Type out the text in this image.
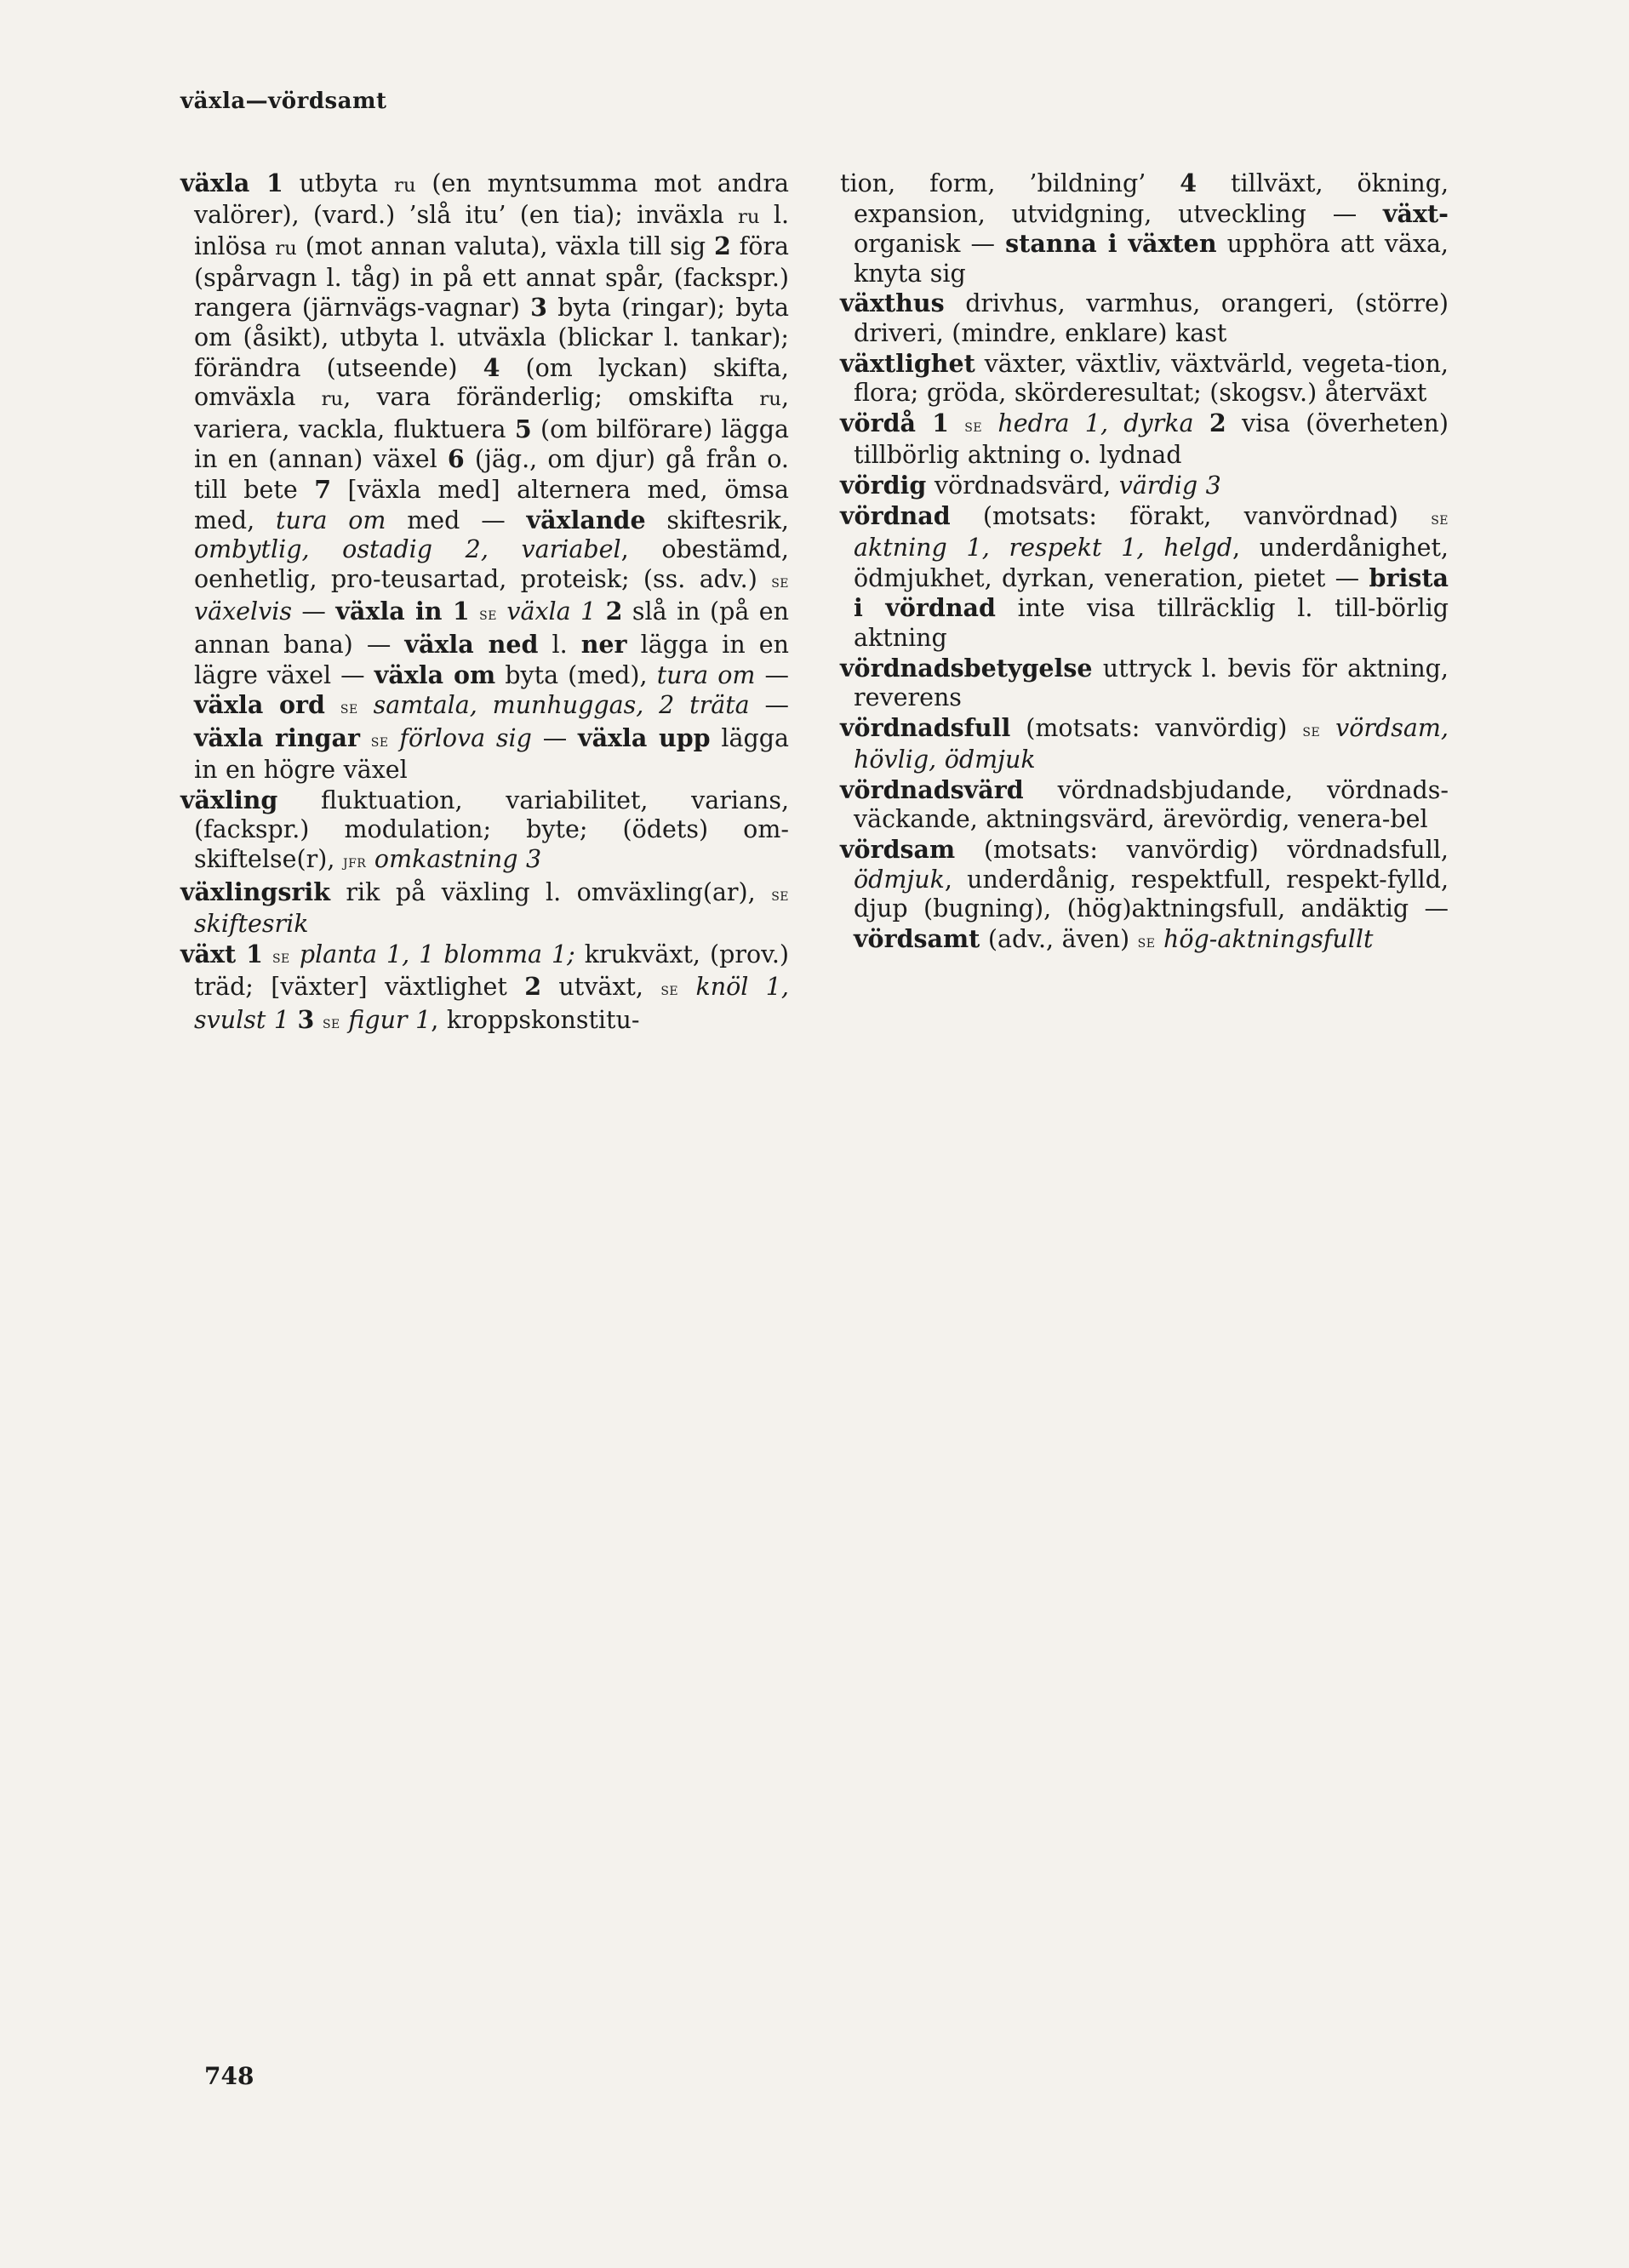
växla—vördsamt

växla 1 utbyta ru (en myntsumma mot andra valörer), (vard.) ’slå itu’ (en tia); inväxla ru l. inlösa ru (mot annan valuta), växla till sig 2 föra (spårvagn l. tåg) in på ett annat spår, (fackspr.) rangera (järnvägs-vagnar) 3 byta (ringar); byta om (åsikt), utbyta l. utväxla (blickar l. tankar); förändra (utseende) 4 (om lyckan) skifta, omväxla ru, vara föränderlig; omskifta ru, variera, vackla, fluktuera 5 (om bilförare) lägga in en (annan) växel 6 (jäg., om djur) gå från o. till bete 7 [växla med] alternera med, ömsa med, tura om med — växlande skiftesrik, ombytlig, ostadig 2, variabel, obestämd, oenhetlig, pro-teusartad, proteisk; (ss. adv.) se växelvis — växla in 1 se växla 1 2 slå in (på en annan bana) — växla ned l. ner lägga in en lägre växel — växla om byta (med), tura om — växla ord se samtala, munhuggas, 2 träta — växla ringar se förlova sig — växla upp lägga in en högre växel

växling fluktuation, variabilitet, varians, (fackspr.) modulation; byte; (ödets) om-skiftelse(r), jfr omkastning 3

växlingsrik rik på växling l. omväxling(ar), se skiftesrik

växt 1 se planta 1, 1 blomma 1; krukväxt, (prov.) träd; [växter] växtlighet 2 utväxt, se knöl 1, svulst 1 3 se figur 1, kroppskonstitu-

tion, form, ’bildning’ 4 tillväxt, ökning, expansion, utvidgning, utveckling — växt-organisk — stanna i växten upphöra att växa, knyta sig

växthus drivhus, varmhus, orangeri, (större) driveri, (mindre, enklare) kast

växtlighet växter, växtliv, växtvärld, vegeta-tion, flora; gröda, skörderesultat; (skogsv.) återväxt

vördå 1 se hedra 1, dyrka 2 visa (överheten) tillbörlig aktning o. lydnad

vördig vördnadsvärd, värdig 3

vördnad (motsats: förakt, vanvördnad) se aktning 1, respekt 1, helgd, underdånighet, ödmjukhet, dyrkan, veneration, pietet — brista i vördnad inte visa tillräcklig l. till-börlig aktning

vördnadsbetygelse uttryck l. bevis för aktning, reverens

vördnadsfull (motsats: vanvördig) se vördsam, hövlig, ödmjuk

vördnadsvärd vördnadsbjudande, vördnads-väckande, aktningsvärd, ärevördig, venera-bel

vördsam (motsats: vanvördig) vördnadsfull, ödmjuk, underdånig, respektfull, respekt-fylld, djup (bugning), (hög)aktningsfull, andäktig — vördsamt (adv., även) se hög-aktningsfullt

748
